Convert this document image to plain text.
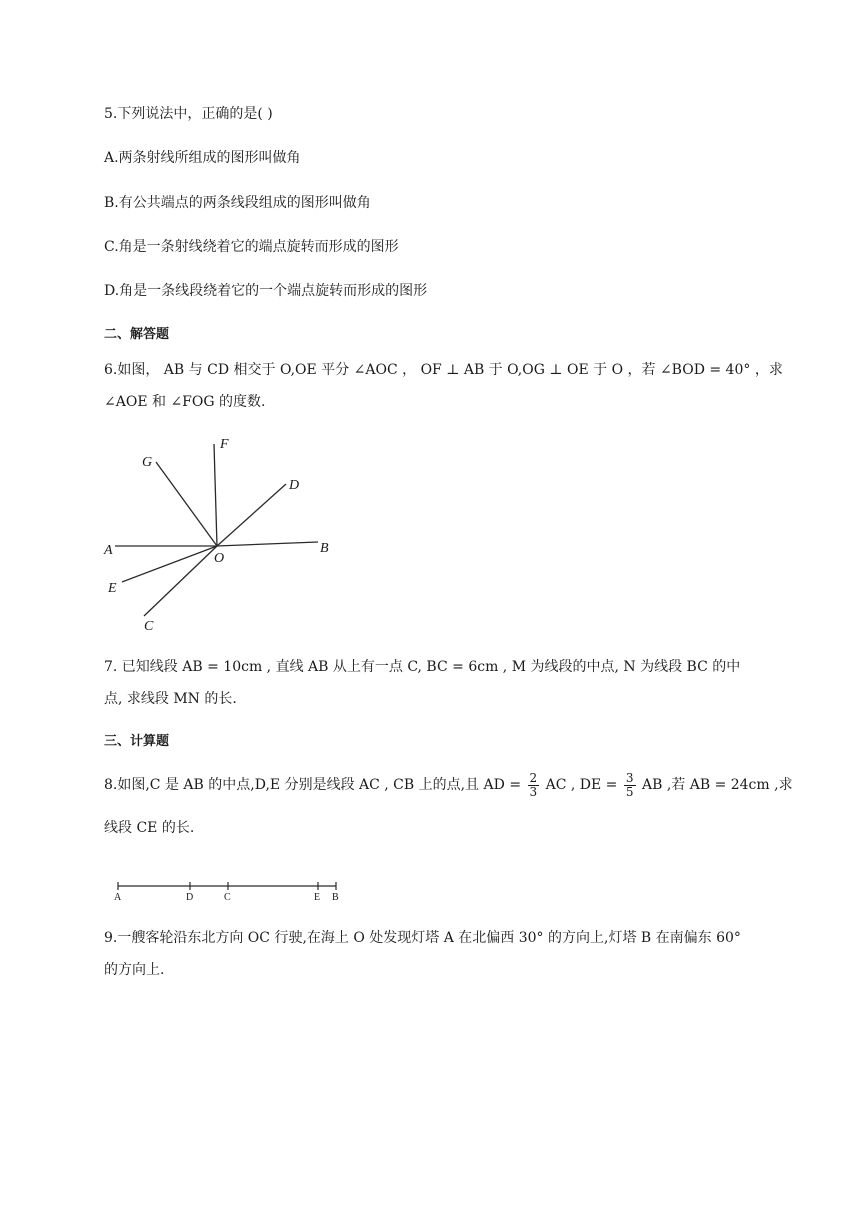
5.下列说法中，正确的是( )
A.两条射线所组成的图形叫做角
B.有公共端点的两条线段组成的图形叫做角
C.角是一条射线绕着它的端点旋转而形成的图形
D.角是一条线段绕着它的一个端点旋转而形成的图形
二、解答题
6.如图， AB 与 CD 相交于 O,OE 平分 ∠AOC ， OF ⊥ AB 于 O,OG ⊥ OE 于 O ，若 ∠BOD = 40° ，求
∠AOE 和 ∠FOG 的度数.
F
G
D
A	B
O
E
C
7. 已知线段 AB = 10cm , 直线 AB 从上有一点 C, BC = 6cm , M 为线段的中点, N 为线段 BC 的中
点, 求线段 MN 的长.
三、计算题
8.如图,C 是 AB 的中点,D,E 分别是线段 AC , CB 上的点,且 AD = $\frac{2}{3}$ AC , DE = $\frac{3}{5}$ AB ,若 AB = 24cm ,求
线段 CE 的长.
A	D	C	E B
9.一艘客轮沿东北方向 OC 行驶,在海上 O 处发现灯塔 A 在北偏西 30° 的方向上,灯塔 B 在南偏东 60°
的方向上.
